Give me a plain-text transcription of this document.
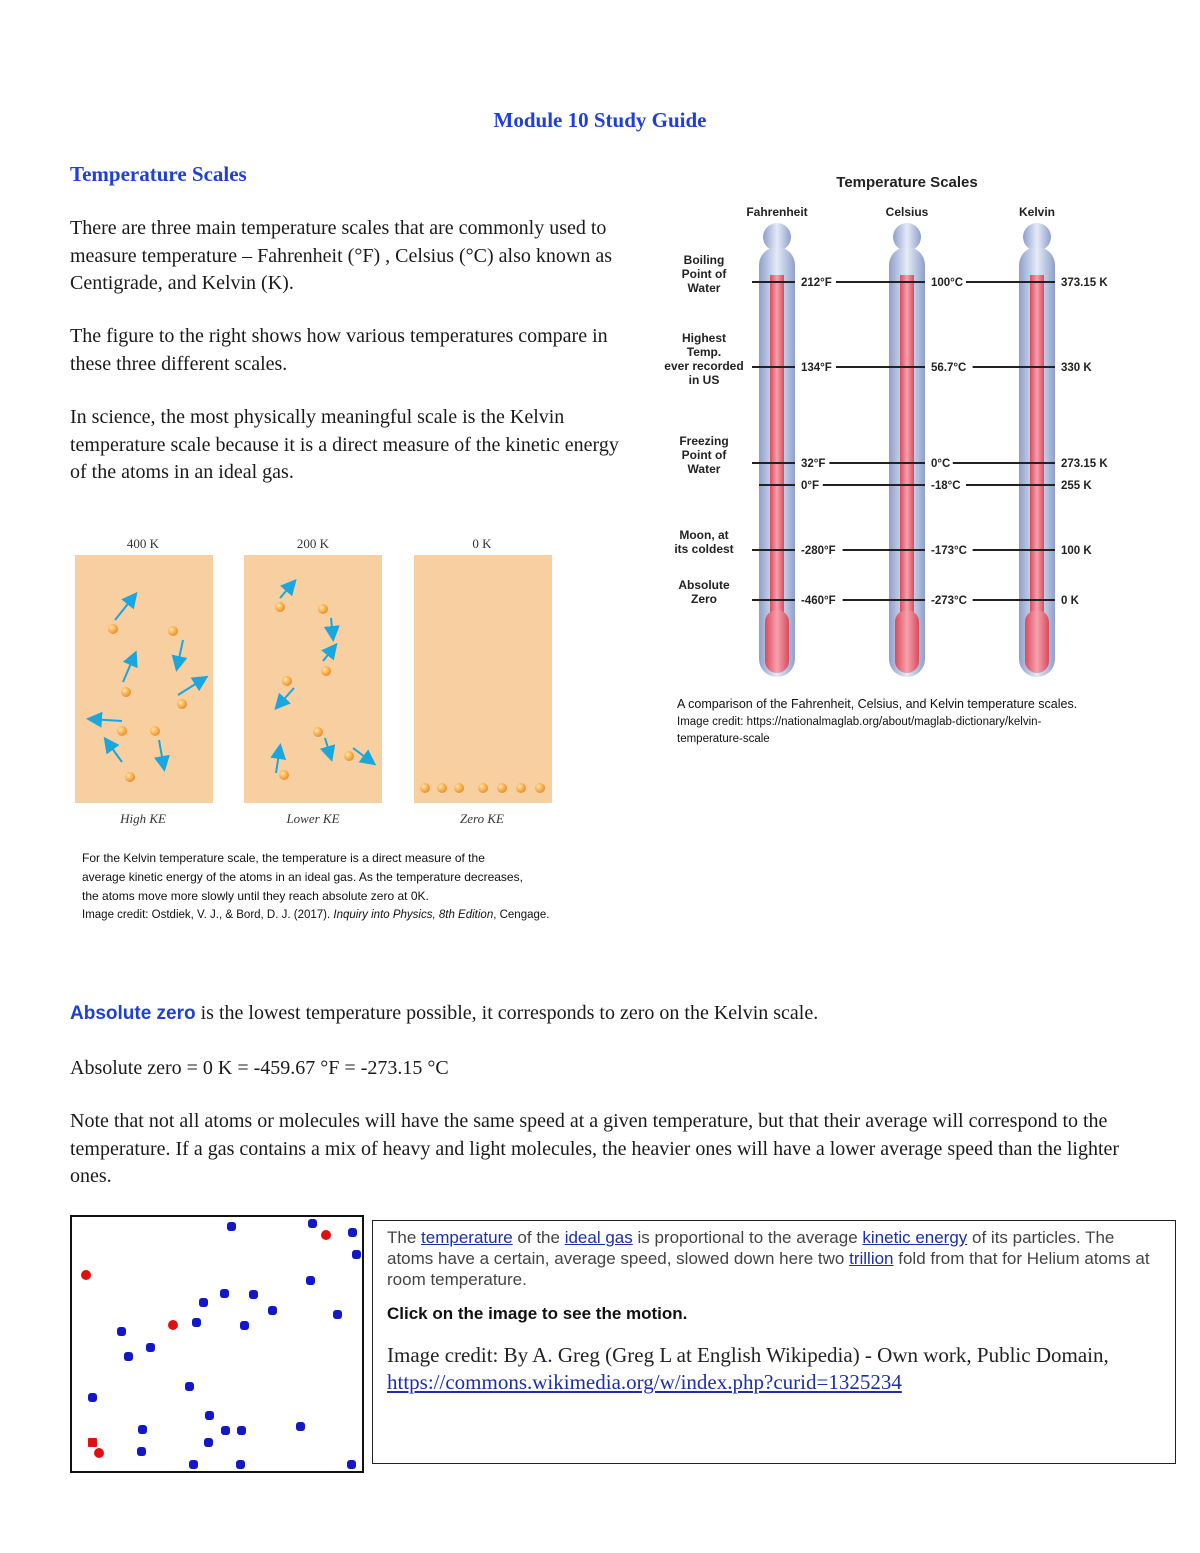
Module 10 Study Guide
Temperature Scales
There are three main temperature scales that are commonly used to measure temperature – Fahrenheit (°F) , Celsius (°C) also known as Centigrade, and Kelvin (K).
The figure to the right shows how various temperatures compare in these three different scales.
In science, the most physically meaningful scale is the Kelvin temperature scale because it is a direct measure of the kinetic energy of the atoms in an ideal gas.
Temperature Scales
Fahrenheit	Celsius	Kelvin
Boiling
Point of
Water	212°F	100°C	373.15 K
Highest
Temp.
ever recorded
in US
134°F	56.7°C	330 K
Freezing
Point of
Water	32°F	0°C	273.15 K
0°F	-18°C	255 K
Moon, at
its coldest	-280°F	-173°C	100 K
Absolute
Zero	-460°F	-273°C	0 K
A comparison of the Fahrenheit, Celsius, and Kelvin temperature scales.
Image credit: https://nationalmaglab.org/about/maglab-dictionary/kelvin-
temperature-scale
400 K
High KE
200 K
Lower KE
0 K
Zero KE
For the Kelvin temperature scale, the temperature is a direct measure of the
average kinetic energy of the atoms in an ideal gas. As the temperature decreases,
the atoms move more slowly until they reach absolute zero at 0K.
Image credit: Ostdiek, V. J., & Bord, D. J. (2017). Inquiry into Physics, 8th Edition, Cengage.
Absolute zero is the lowest temperature possible, it corresponds to zero on the Kelvin scale.
Absolute zero = 0 K = -459.67 °F = -273.15 °C
Note that not all atoms or molecules will have the same speed at a given temperature, but that their average will correspond to the temperature. If a gas contains a mix of heavy and light molecules, the heavier ones will have a lower average speed than the lighter ones.
The temperature of the ideal gas is proportional to the average kinetic energy of its particles. The atoms have a certain, average speed, slowed down here two trillion fold from that for Helium atoms at room temperature.
Click on the image to see the motion.
Image credit: By A. Greg (Greg L at English Wikipedia) - Own work, Public Domain, https://commons.wikimedia.org/w/index.php?curid=1325234
